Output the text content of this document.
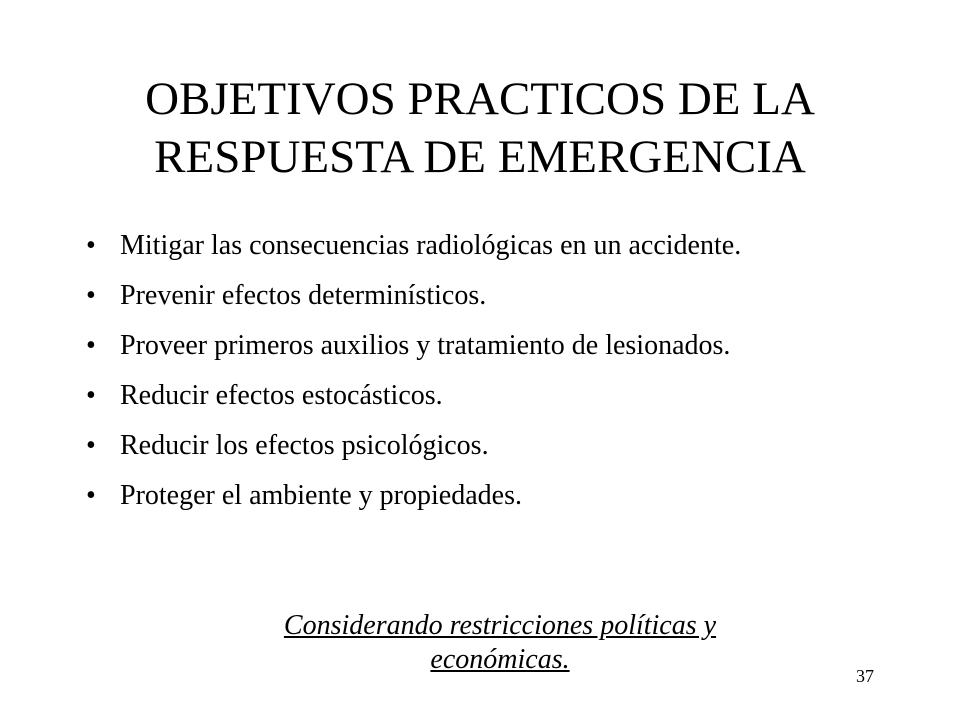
OBJETIVOS PRACTICOS DE LA
RESPUESTA DE EMERGENCIA
• Mitigar las consecuencias radiológicas en un accidente.
• Prevenir efectos determinísticos.
• Proveer primeros auxilios y tratamiento de lesionados.
• Reducir efectos estocásticos.
• Reducir los efectos psicológicos.
• Proteger el ambiente y propiedades.
Considerando restricciones políticas y
económicas.
37
